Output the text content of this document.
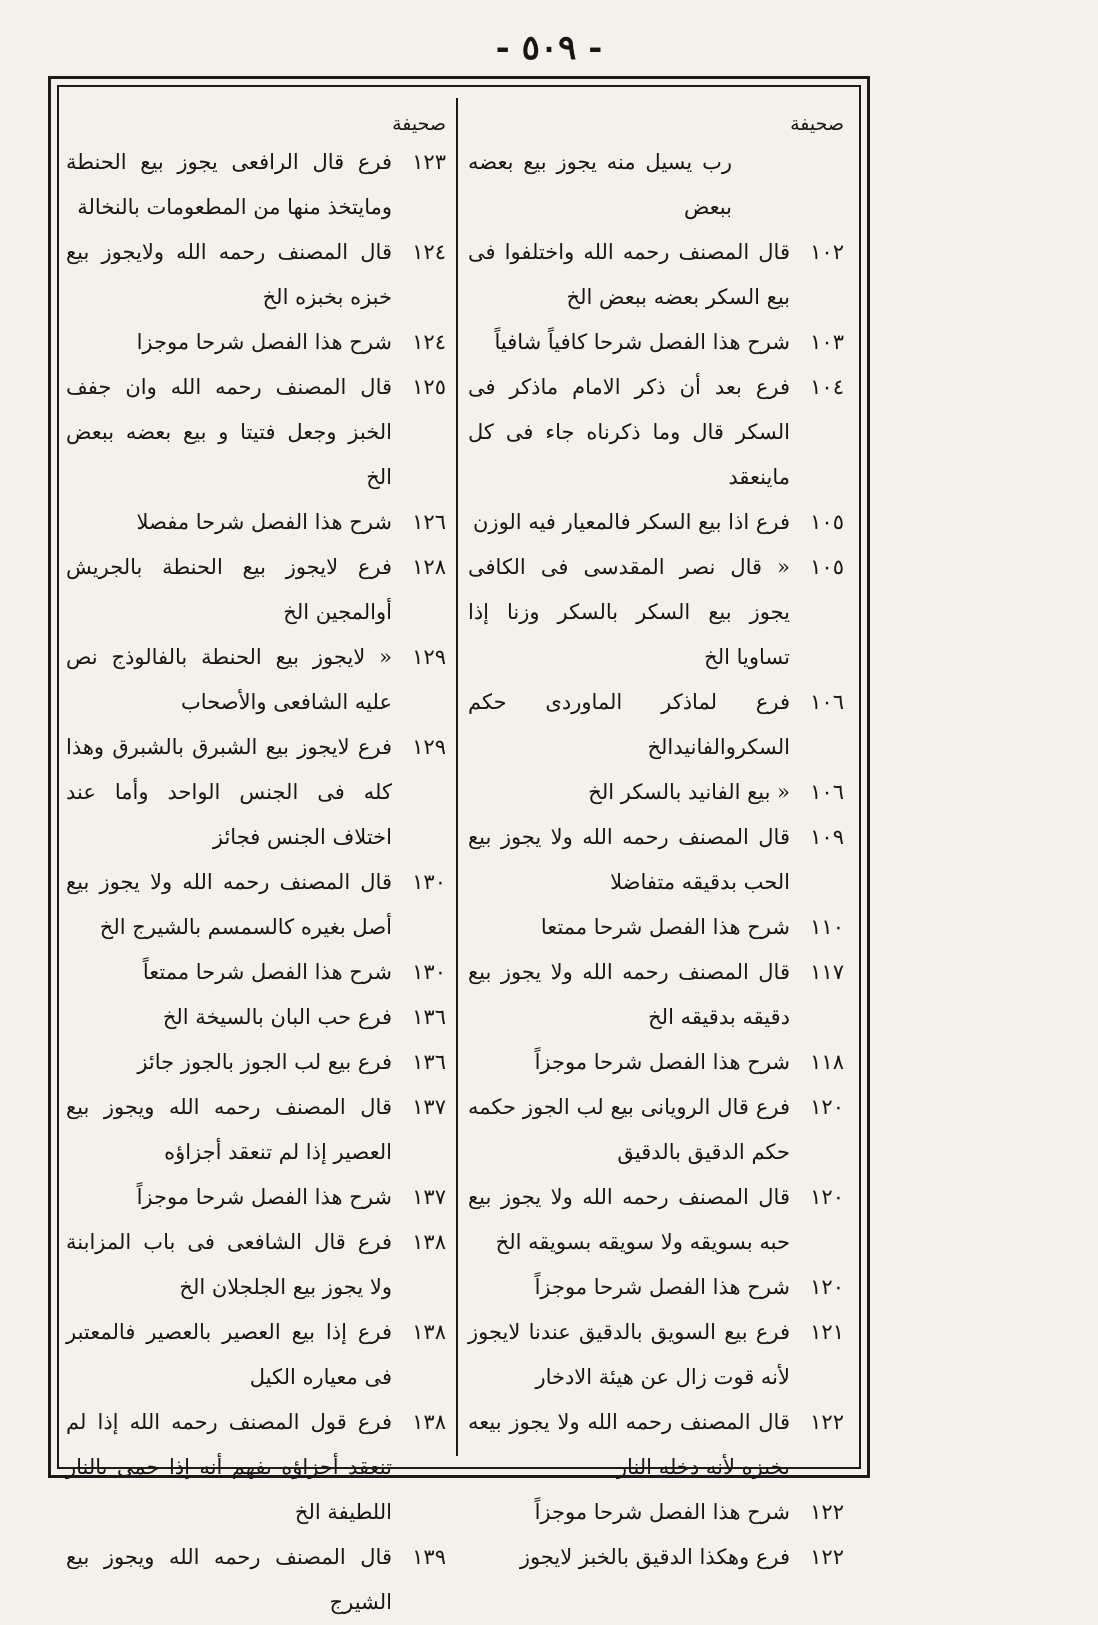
- ٥٠٩ -
صحيفة
رب يسيل منه يجوز بيع بعضه ببعض
١٠٢
قال المصنف رحمه الله واختلفوا فى بيع السكر بعضه ببعض الخ
١٠٣
شرح هذا الفصل شرحا كافياً شافياً
١٠٤
فرع بعد أن ذكر الامام ماذكر فى السكر قال وما ذكرناه جاء فى كل ماينعقد
١٠٥
فرع اذا بيع السكر فالمعيار فيه الوزن
١٠٥
« قال نصر المقدسى فى الكافى يجوز بيع السكر بالسكر وزنا إذا تساويا الخ
١٠٦
فرع لماذكر الماوردى حكم السكروالفانيدالخ
١٠٦
« بيع الفانيد بالسكر الخ
١٠٩
قال المصنف رحمه الله ولا يجوز بيع الحب بدقيقه متفاضلا
١١٠
شرح هذا الفصل شرحا ممتعا
١١٧
قال المصنف رحمه الله ولا يجوز بيع دقيقه بدقيقه الخ
١١٨
شرح هذا الفصل شرحا موجزاً
١٢٠
فرع قال الرويانى بيع لب الجوز حكمه حكم الدقيق بالدقيق
١٢٠
قال المصنف رحمه الله ولا يجوز بيع حبه بسويقه ولا سويقه بسويقه الخ
١٢٠
شرح هذا الفصل شرحا موجزاً
١٢١
فرع بيع السويق بالدقيق عندنا لايجوز لأنه قوت زال عن هيئة الادخار
١٢٢
قال المصنف رحمه الله ولا يجوز بيعه بخبزه لأنه دخله النار
١٢٢
شرح هذا الفصل شرحا موجزاً
١٢٢
فرع وهكذا الدقيق بالخبز لايجوز
صحيفة
١٢٣
فرع قال الرافعى يجوز بيع الحنطة ومايتخذ منها من المطعومات بالنخالة
١٢٤
قال المصنف رحمه الله ولايجوز بيع خبزه بخبزه الخ
١٢٤
شرح هذا الفصل شرحا موجزا
١٢٥
قال المصنف رحمه الله وان جفف الخبز وجعل فتيتا و بيع بعضه ببعض الخ
١٢٦
شرح هذا الفصل شرحا مفصلا
١٢٨
فرع لايجوز بيع الحنطة بالجريش أوالمجين الخ
١٢٩
« لايجوز بيع الحنطة بالفالوذج نص عليه الشافعى والأصحاب
١٢٩
فرع لايجوز بيع الشبرق بالشبرق وهذا كله فى الجنس الواحد وأما عند اختلاف الجنس فجائز
١٣٠
قال المصنف رحمه الله ولا يجوز بيع أصل بغيره كالسمسم بالشيرج الخ
١٣٠
شرح هذا الفصل شرحا ممتعاً
١٣٦
فرع حب البان بالسيخة الخ
١٣٦
فرع بيع لب الجوز بالجوز جائز
١٣٧
قال المصنف رحمه الله ويجوز بيع العصير إذا لم تنعقد أجزاؤه
١٣٧
شرح هذا الفصل شرحا موجزاً
١٣٨
فرع قال الشافعى فى باب المزابنة ولا يجوز بيع الجلجلان الخ
١٣٨
فرع إذا بيع العصير بالعصير فالمعتبر فى معياره الكيل
١٣٨
فرع قول المصنف رحمه الله إذا لم تنعقد أجزاؤه يفهم أنه إذا حمى بالنار اللطيفة الخ
١٣٩
قال المصنف رحمه الله ويجوز بيع الشيرج
